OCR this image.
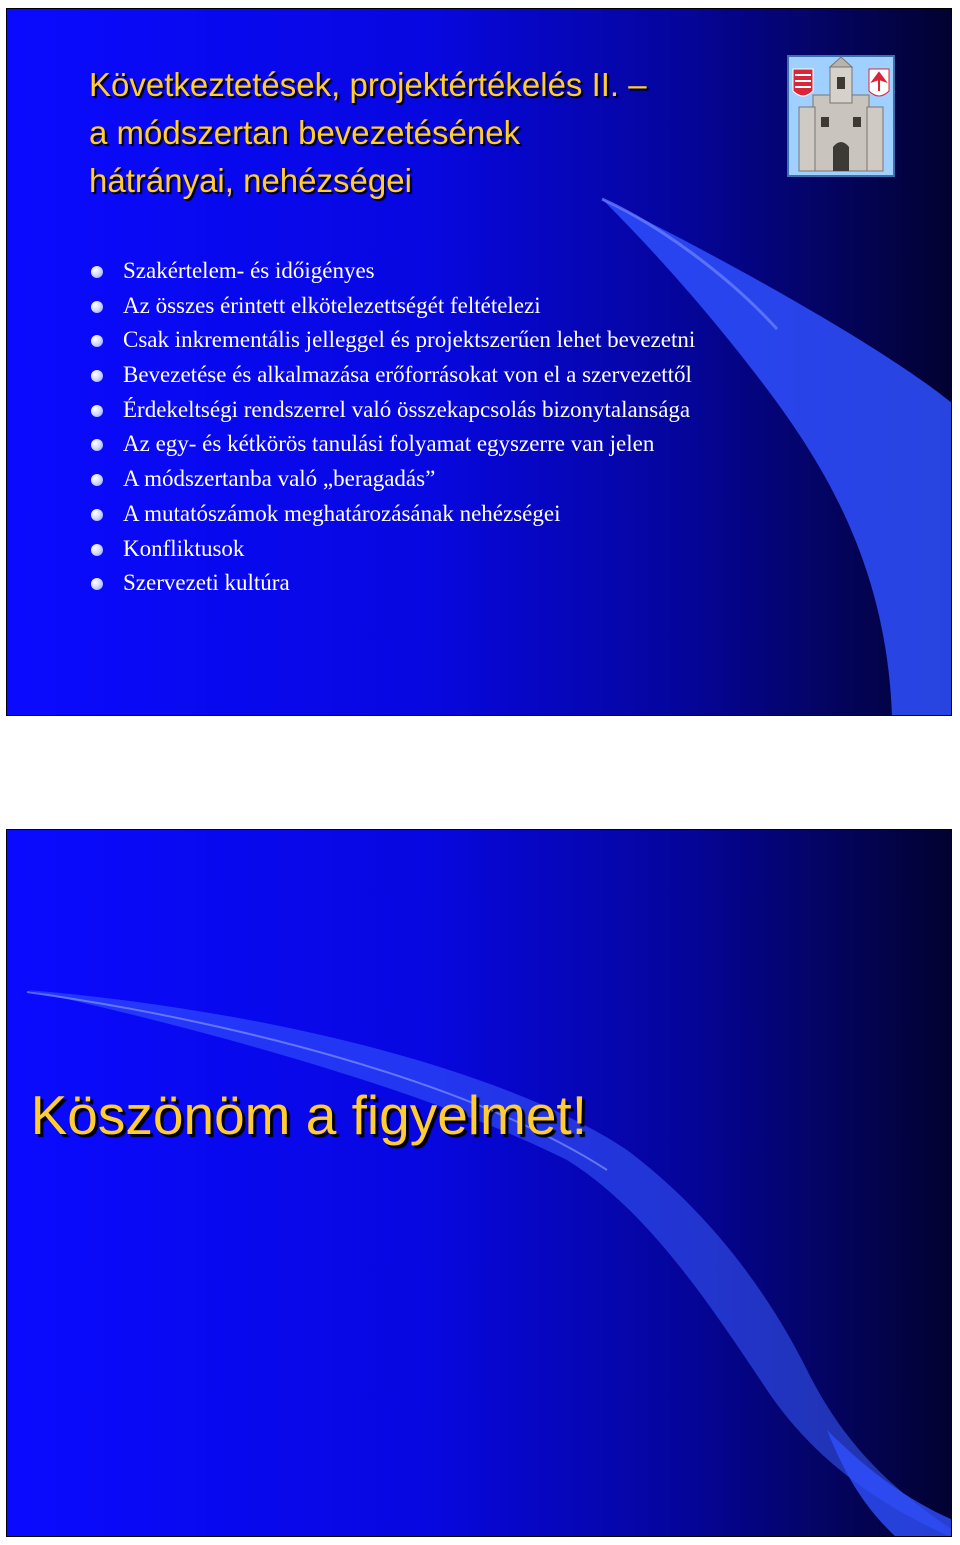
Következtetések, projektértékelés II. –
a módszertan bevezetésének
hátrányai, nehézségei
Szakértelem- és időigényes
Az összes érintett elkötelezettségét feltételezi
Csak inkrementális jelleggel és projektszerűen lehet bevezetni
Bevezetése és alkalmazása erőforrásokat von el a szervezettől
Érdekeltségi rendszerrel való összekapcsolás bizonytalansága
Az egy- és kétkörös tanulási folyamat egyszerre van jelen
A módszertanba való „beragadás”
A mutatószámok meghatározásának nehézségei
Konfliktusok
Szervezeti kultúra
Köszönöm a figyelmet!
